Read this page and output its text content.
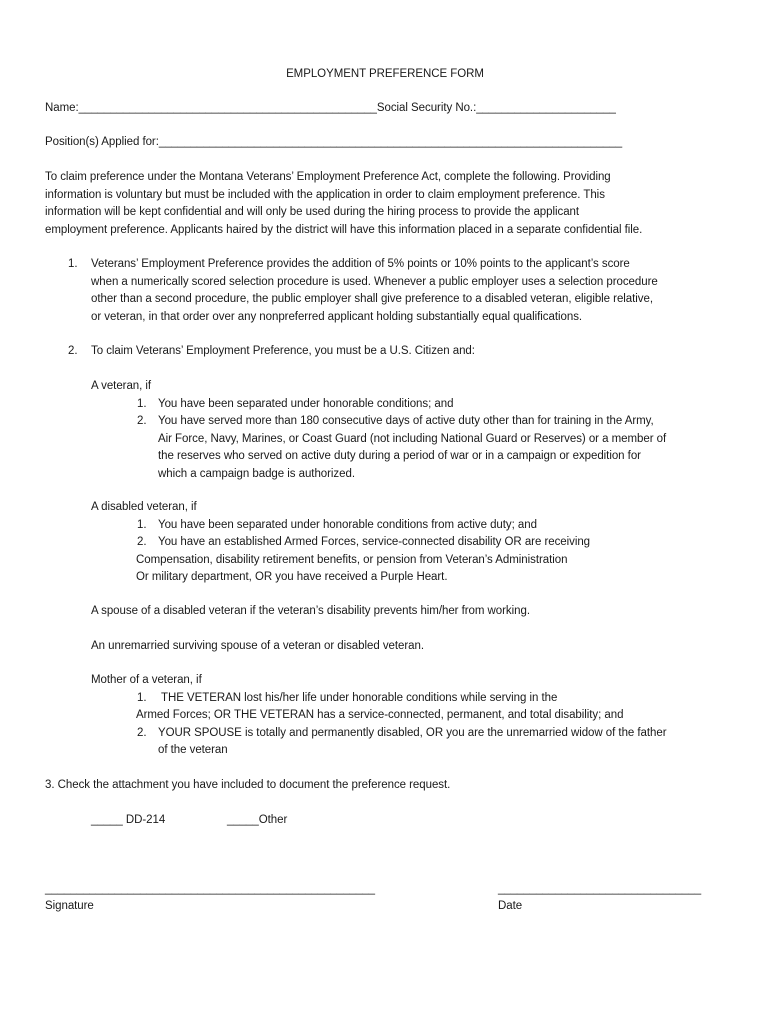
EMPLOYMENT PREFERENCE FORM
Name:_______________________________________________Social Security No.:______________________
Position(s) Applied for:_________________________________________________________________________
To claim preference under the Montana Veterans’ Employment Preference Act, complete the following. Providing
information is voluntary but must be included with the application in order to claim employment preference. This
information will be kept confidential and will only be used during the hiring process to provide the applicant
employment preference. Applicants haired by the district will have this information placed in a separate confidential file.
1. Veterans’ Employment Preference provides the addition of 5% points or 10% points to the applicant’s score
when a numerically scored selection procedure is used. Whenever a public employer uses a selection procedure
other than a second procedure, the public employer shall give preference to a disabled veteran, eligible relative,
or veteran, in that order over any nonpreferred applicant holding substantially equal qualifications.
2. To claim Veterans’ Employment Preference, you must be a U.S. Citizen and:
A veteran, if
1. You have been separated under honorable conditions; and
2. You have served more than 180 consecutive days of active duty other than for training in the Army,
Air Force, Navy, Marines, or Coast Guard (not including National Guard or Reserves) or a member of
the reserves who served on active duty during a period of war or in a campaign or expedition for
which a campaign badge is authorized.
A disabled veteran, if
1. You have been separated under honorable conditions from active duty; and
2. You have an established Armed Forces, service-connected disability OR are receiving
Compensation, disability retirement benefits, or pension from Veteran’s Administration
Or military department, OR you have received a Purple Heart.
A spouse of a disabled veteran if the veteran’s disability prevents him/her from working.
An unremarried surviving spouse of a veteran or disabled veteran.
Mother of a veteran, if
1. THE VETERAN lost his/her life under honorable conditions while serving in the
Armed Forces; OR THE VETERAN has a service-connected, permanent, and total disability; and
2. YOUR SPOUSE is totally and permanently disabled, OR you are the unremarried widow of the father
of the veteran
3. Check the attachment you have included to document the preference request.
_____ DD-214	_____Other
____________________________________________________
Signature
________________________________
Date
